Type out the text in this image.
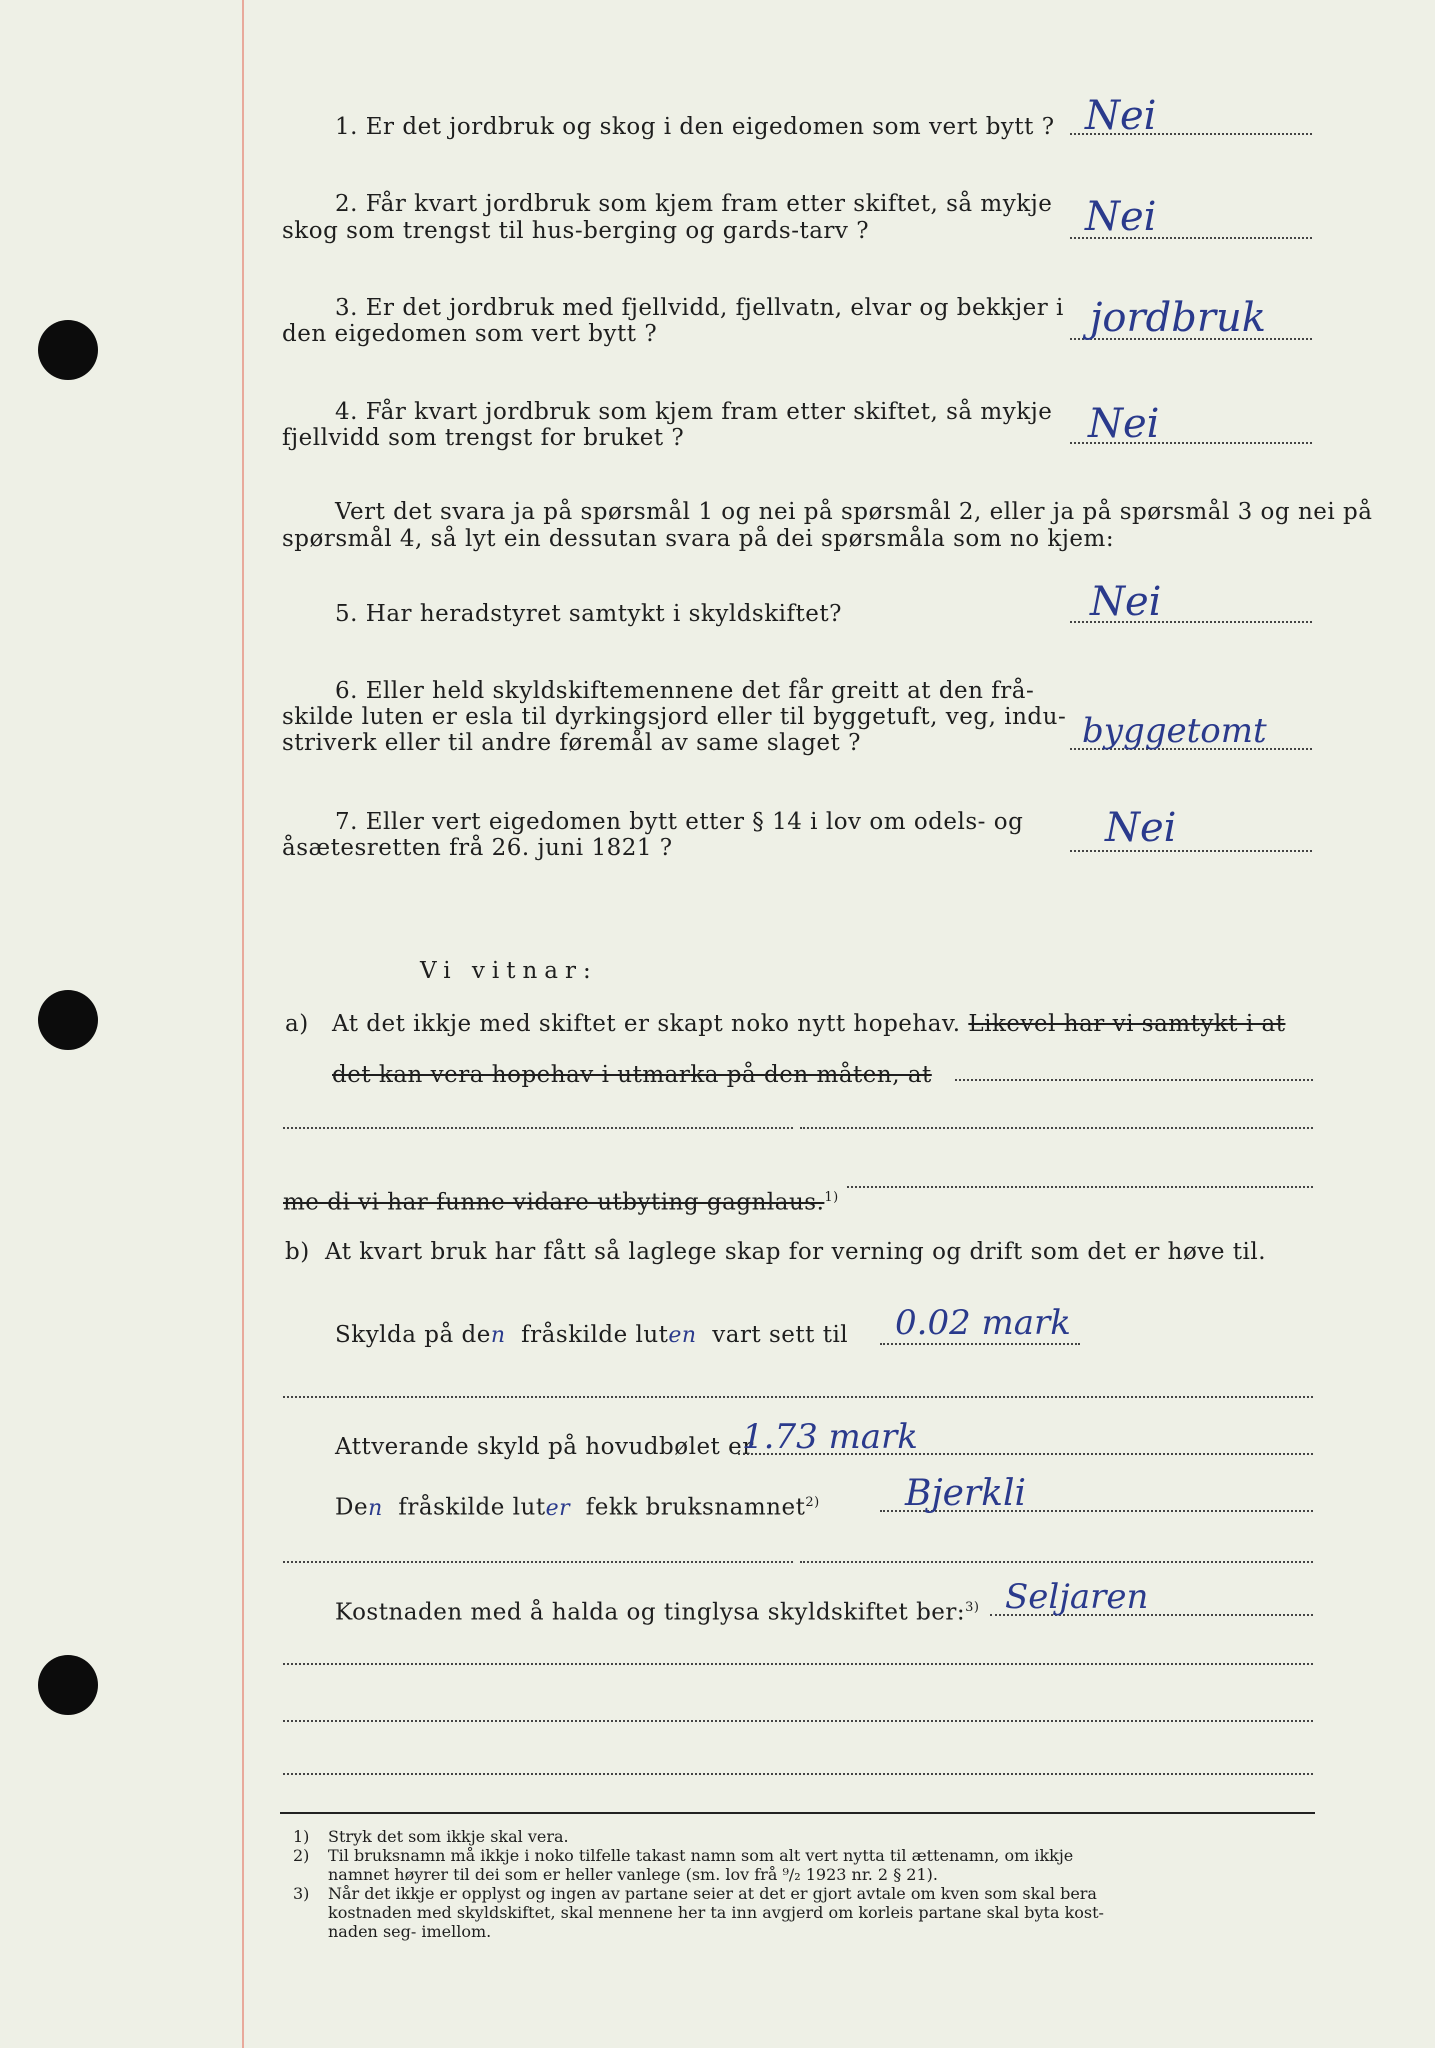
1. Er det jordbruk og skog i den eigedomen som vert bytt ? Nei
2. Får kvart jordbruk som kjem fram etter skiftet, så mykje
skog som trengst til hus-berging og gards-tarv ?	Nei
3. Er det jordbruk med fjellvidd, fjellvatn, elvar og bekkjer i
den eigedomen som vert bytt ?	jordbruk
4. Får kvart jordbruk som kjem fram etter skiftet, så mykje
fjellvidd som trengst for bruket ?	Nei
Vert det svara ja på spørsmål 1 og nei på spørsmål 2, eller ja på spørsmål 3 og nei på
spørsmål 4, så lyt ein dessutan svara på dei spørsmåla som no kjem:
5. Har heradstyret samtykt i skyldskiftet?	Nei
6. Eller held skyldskiftemennene det får greitt at den frå-
skilde luten er esla til dyrkingsjord eller til byggetuft, veg, indu-
striverk eller til andre føremål av same slaget ?	byggetomt
7. Eller vert eigedomen bytt etter § 14 i lov om odels- og
åsætesretten frå 26. juni 1821 ?	Nei
Vi vitnar:
a) At det ikkje med skiftet er skapt noko nytt hopehav. Likevel har vi samtykt i at
det kan vera hopehav i utmarka på den måten, at
me di vi har funne vidare utbyting gagnlaus.$^{1)}$
b) At kvart bruk har fått så laglege skap for verning og drift som det er høve til.
Skylda på den fråskilde luten vart sett til 0.02 mark
Attverande skyld på hovudbølet er
1.73 mark
Den fråskilde luter fekk bruksnamnet$^{2)}$ Bjerkli
Kostnaden med å halda og tinglysa skyldskiftet ber:$^{3)}$ Seljaren
1) Stryk det som ikkje skal vera.
2) Til bruksnamn må ikkje i noko tilfelle takast namn som alt vert nytta til ættenamn, om ikkje
namnet høyrer til dei som er heller vanlege (sm. lov frå ⁹/₂ 1923 nr. 2 § 21).
3) Når det ikkje er opplyst og ingen av partane seier at det er gjort avtale om kven som skal bera
kostnaden med skyldskiftet, skal mennene her ta inn avgjerd om korleis partane skal byta kost-
naden seg- imellom.
